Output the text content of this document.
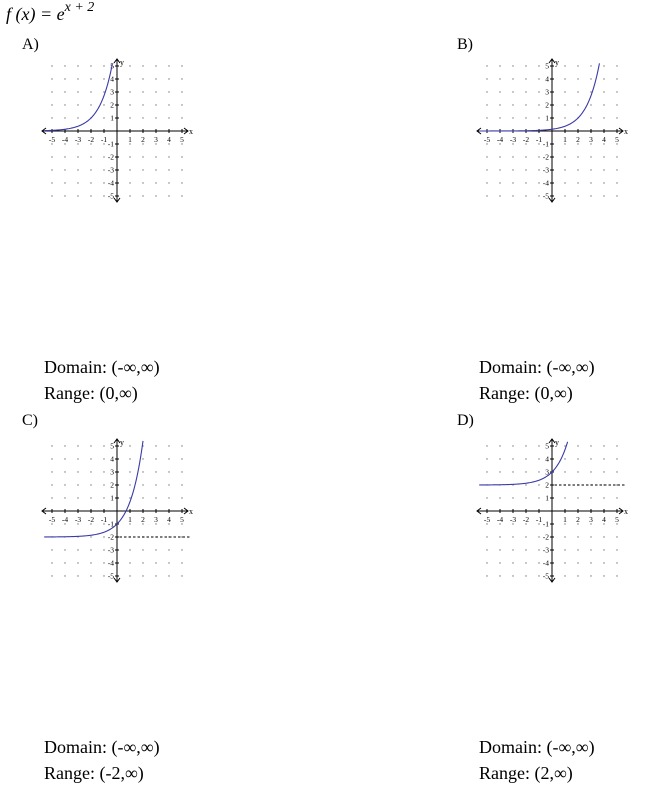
f $(x) = e^{x + 2}$
A)
-5 -4 -3 -2 -1	1 2 3 4 5
5
4
3
2
1
-1
-2
-3
-4
-5
x
y
Domain: (-∞,∞)
Range: (0,∞)
B)
-5 -4 -3 -2 -1	1 2 3 4 5
5
4
3
2
1
-1
-2
-3
-4
-5
x
y
Domain: (-∞,∞)
Range: (0,∞)
C)
-5 -4 -3 -2 -1	1 2 3 4 5
5
4
3
2
1
-1
-2
-3
-4
-5
x
y
Domain: (-∞,∞)
Range: (-2,∞)
D)
-5 -4 -3 -2 -1	1 2 3 4 5
5
4
3
2
1
-1
-2
-3
-4
-5
x
y
Domain: (-∞,∞)
Range: (2,∞)
